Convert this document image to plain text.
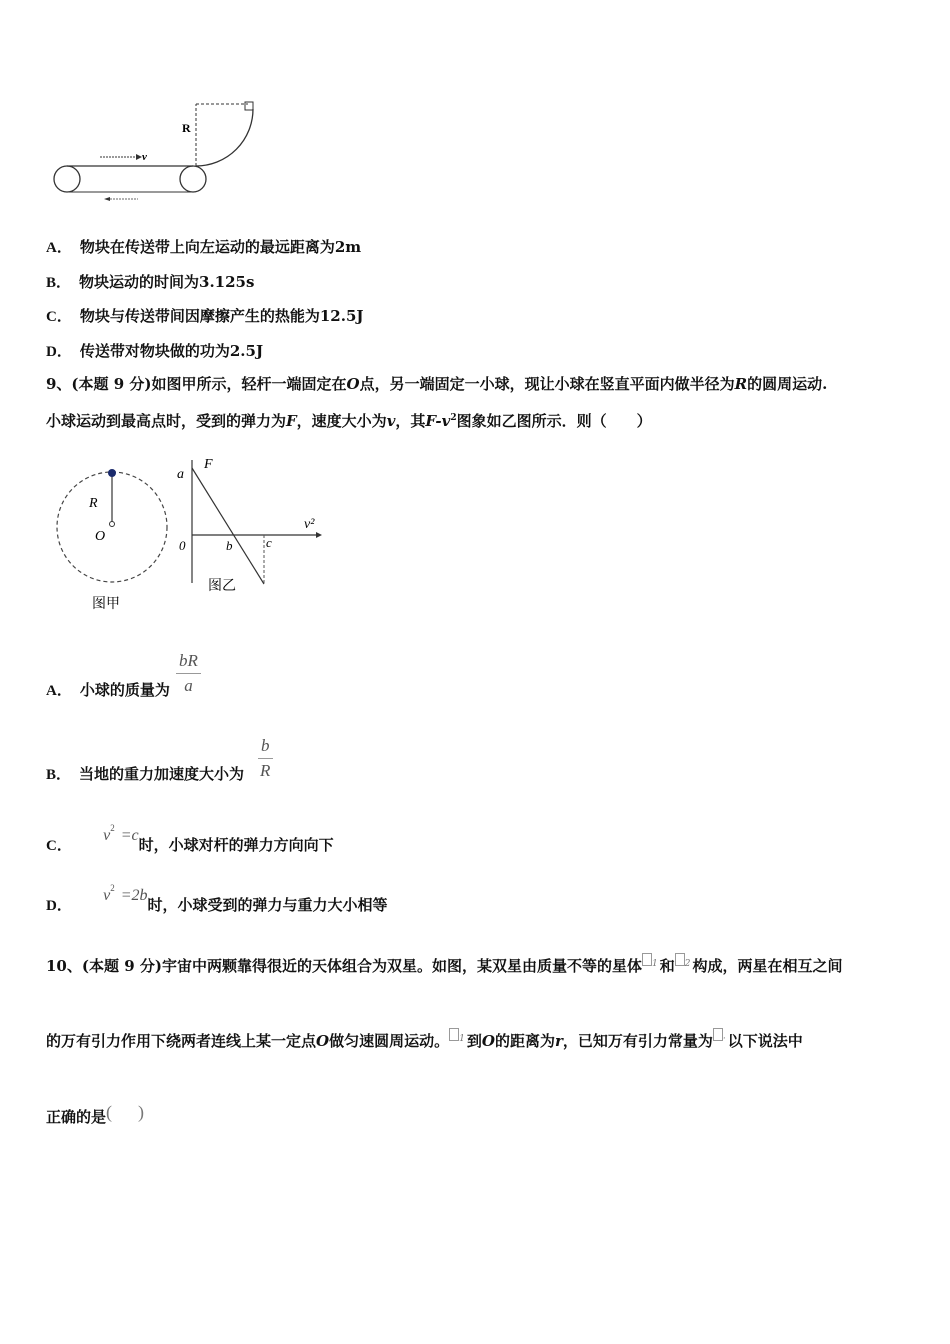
v
R
A． 物块在传送带上向左运动的最远距离为2m
B． 物块运动的时间为3.125s
C． 物块与传送带间因摩擦产生的热能为12.5J
D． 传送带对物块做的功为2.5J
9、(本题 9 分)如图甲所示，轻杆一端固定在O点，另一端固定一小球，现让小球在竖直平面内做半径为R的圆周运动.
小球运动到最高点时，受到的弹力为F，速度大小为v，其$F-v^2$图象如乙图所示．则（　　）
R
O
图甲
F
a
v²
0	b	c
图乙
A． 小球的质量为 $\frac{bR}{a}$
B． 当地的重力加速度大小为 $\frac{b}{R}$
C． $v^2 =c$时，小球对杆的弹力方向向下
D． $v^2 =2b$时，小球受到的弹力与重力大小相等
10、(本题 9 分)宇宙中两颗靠得很近的天体组合为双星。如图，某双星由质量不等的星体 $^1$ 和 $^2$ 构成，两星在相互之间
的万有引力作用下绕两者连线上某一定点O做匀速圆周运动。 $^1$ 到O的距离为r，已知万有引力常量为 · 以下说法中
正确的是( )
